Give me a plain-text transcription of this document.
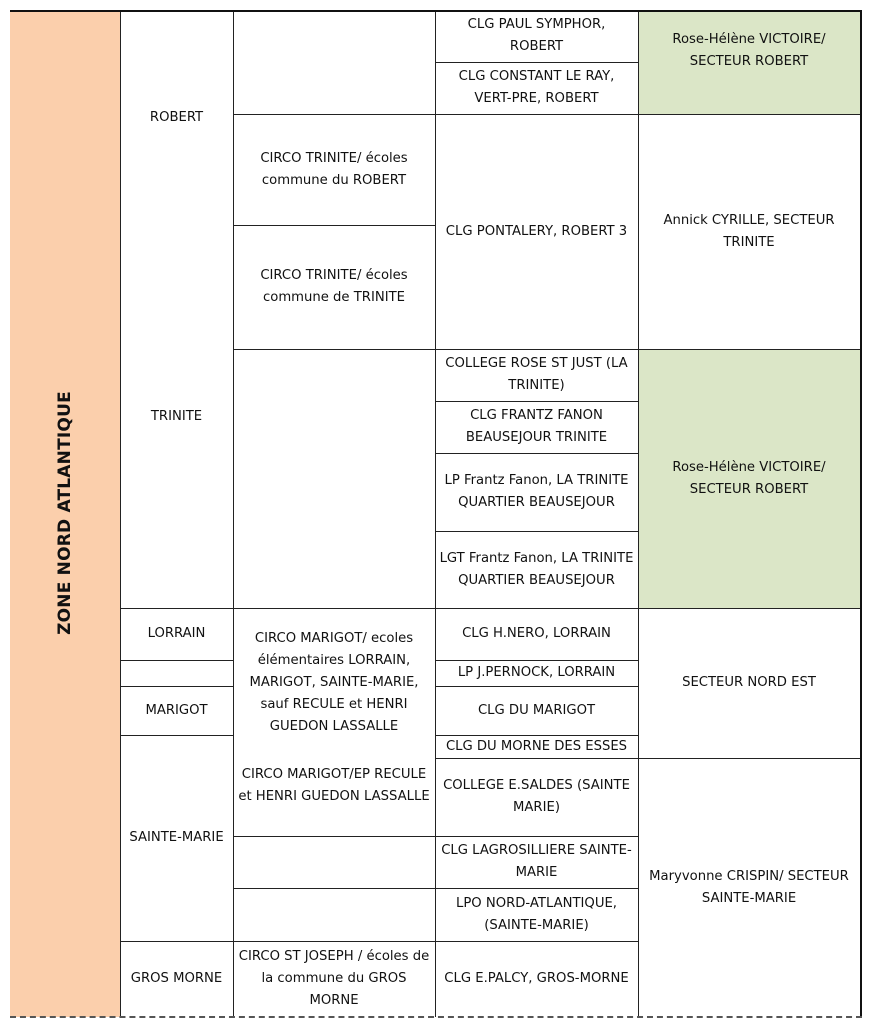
ZONE NORD ATLANTIQUE
Rose-Hélène VICTOIRE/ SECTEUR ROBERT
Rose-Hélène VICTOIRE/ SECTEUR ROBERT
ROBERT
TRINITE
LORRAIN
MARIGOT
SAINTE-MARIE
GROS MORNE
CIRCO TRINITE/ écoles commune du ROBERT
CIRCO TRINITE/ écoles commune de TRINITE
CIRCO MARIGOT/ ecoles élémentaires LORRAIN, MARIGOT, SAINTE-MARIE, sauf RECULE et HENRI GUEDON LASSALLE
CIRCO MARIGOT/EP RECULE et HENRI GUEDON LASSALLE
CIRCO ST JOSEPH / écoles de la commune du GROS MORNE
CLG PAUL SYMPHOR, ROBERT
CLG CONSTANT LE RAY, VERT-PRE, ROBERT
CLG PONTALERY, ROBERT 3
COLLEGE ROSE ST JUST (LA TRINITE)
CLG FRANTZ FANON BEAUSEJOUR TRINITE
LP Frantz Fanon, LA TRINITE QUARTIER BEAUSEJOUR
LGT Frantz Fanon, LA TRINITE QUARTIER BEAUSEJOUR
CLG H.NERO, LORRAIN
LP J.PERNOCK, LORRAIN
CLG DU MARIGOT
CLG DU MORNE DES ESSES
COLLEGE E.SALDES (SAINTE MARIE)
CLG LAGROSILLIERE SAINTE-MARIE
LPO NORD-ATLANTIQUE, (SAINTE-MARIE)
CLG E.PALCY, GROS-MORNE
Annick CYRILLE, SECTEUR TRINITE
SECTEUR NORD EST
Maryvonne CRISPIN/ SECTEUR SAINTE-MARIE
